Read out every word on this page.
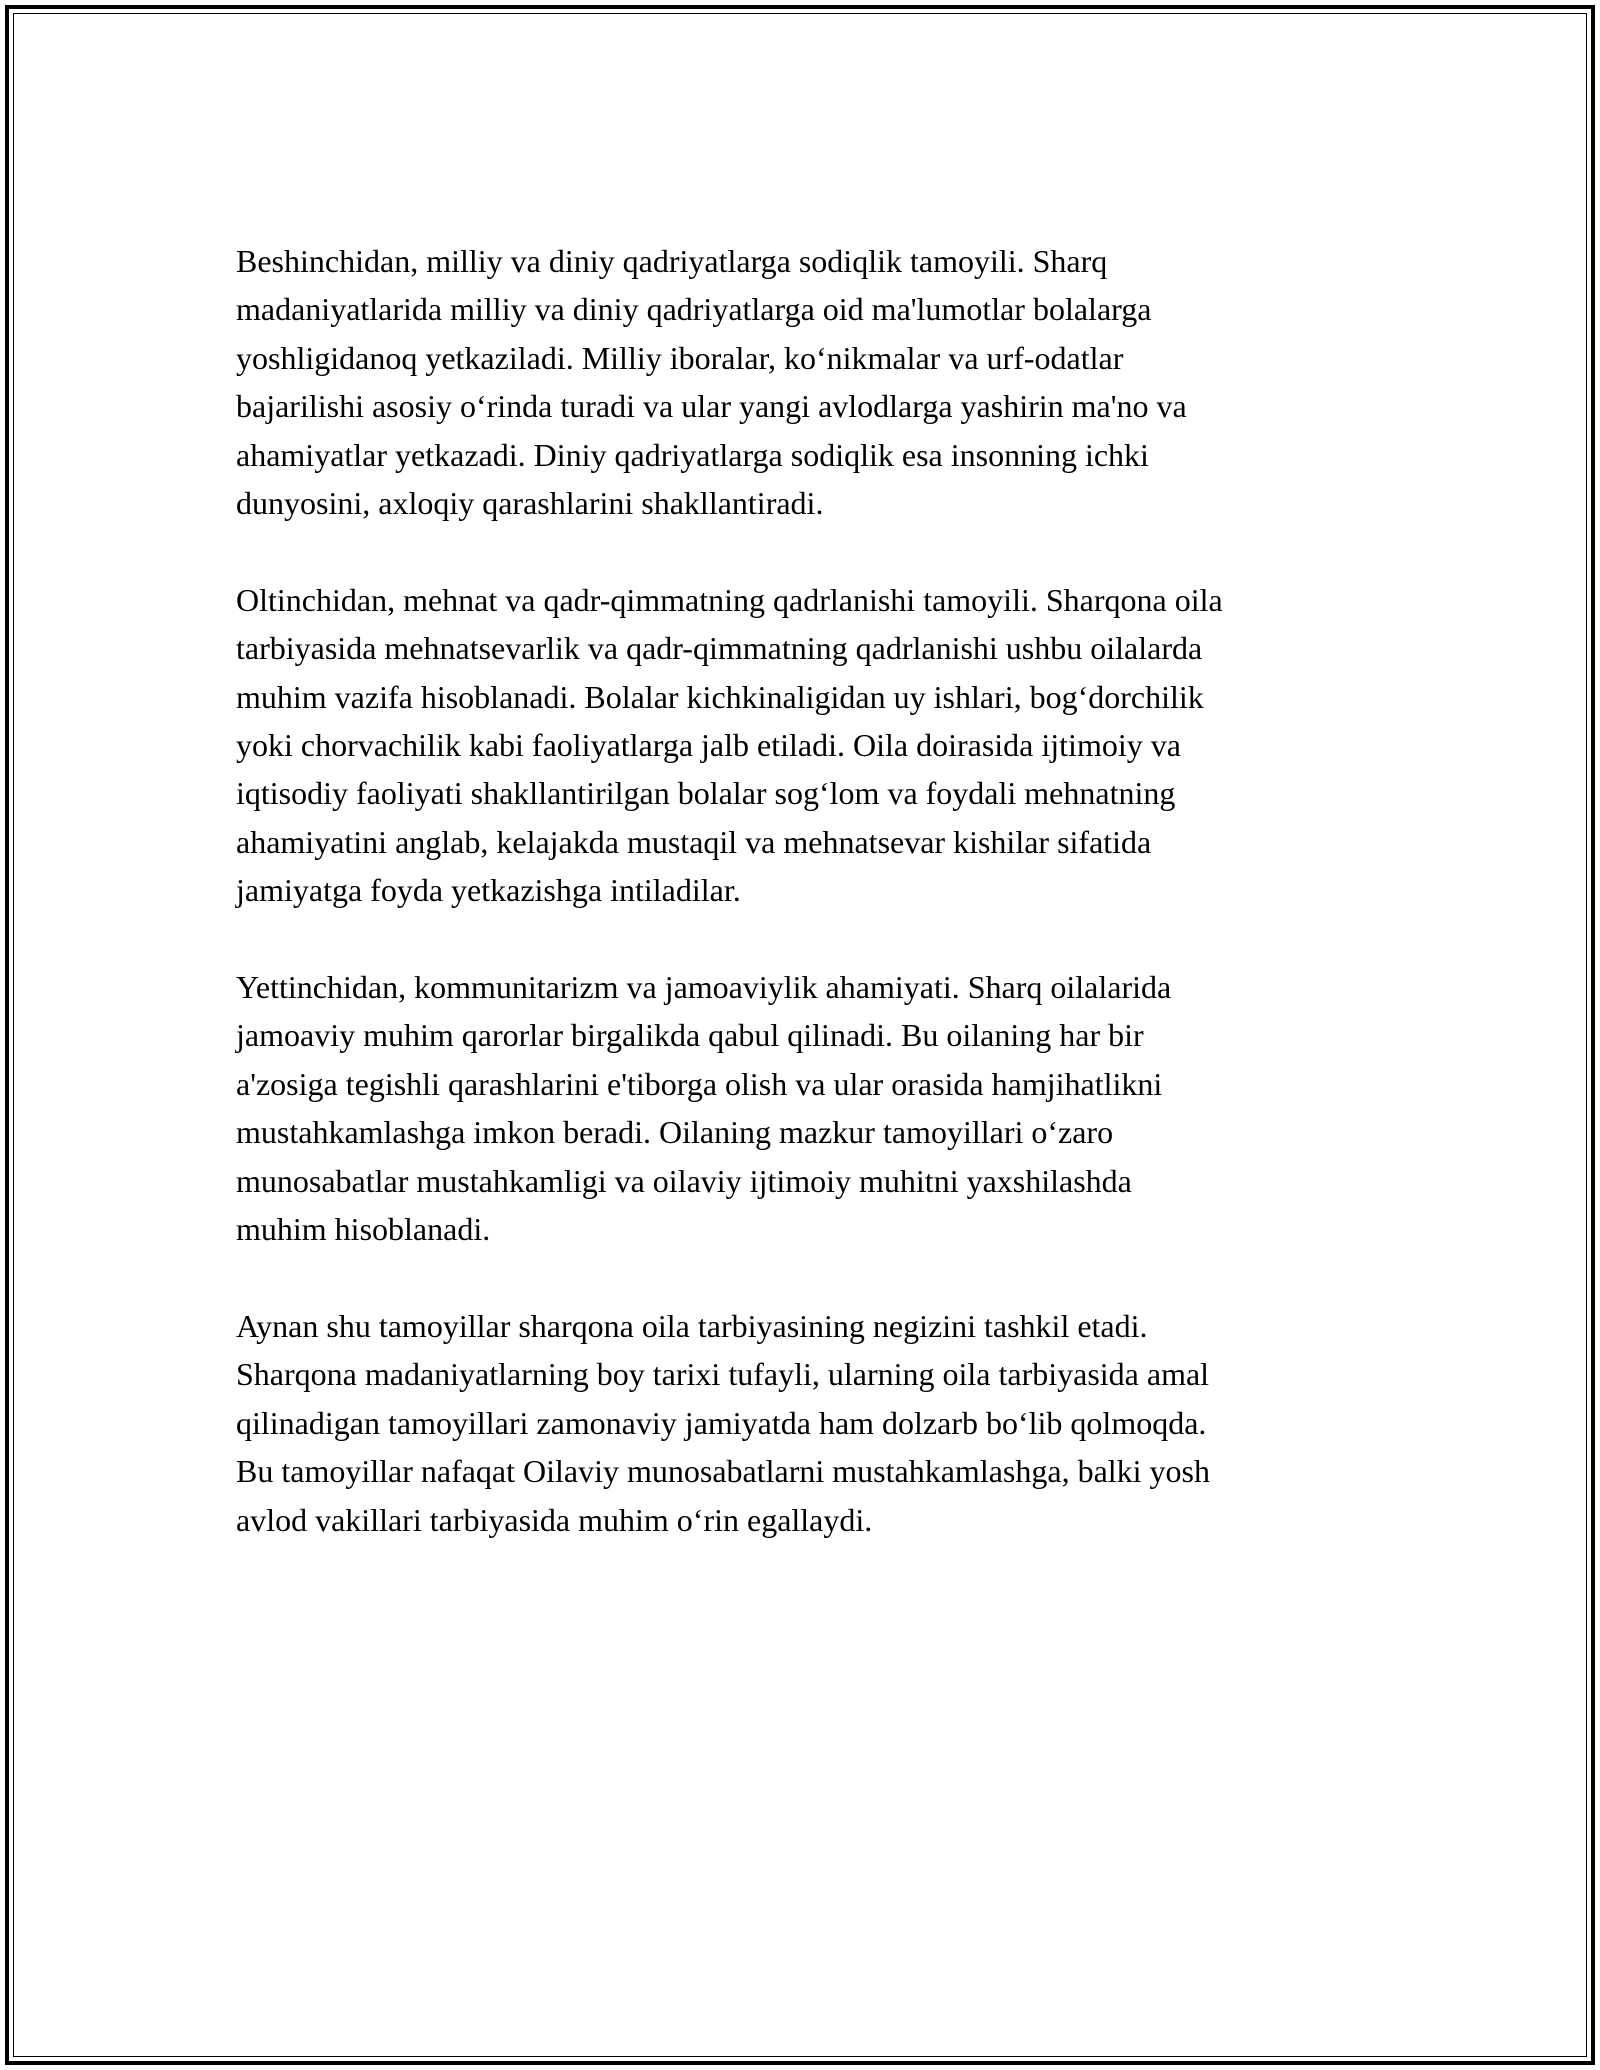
Beshinchidan, milliy va diniy qadriyatlarga sodiqlik tamoyili. Sharq
madaniyatlarida milliy va diniy qadriyatlarga oid ma'lumotlar bolalarga
yoshligidanoq yetkaziladi. Milliy iboralar, ko‘nikmalar va urf-odatlar
bajarilishi asosiy o‘rinda turadi va ular yangi avlodlarga yashirin ma'no va
ahamiyatlar yetkazadi. Diniy qadriyatlarga sodiqlik esa insonning ichki
dunyosini, axloqiy qarashlarini shakllantiradi.

Oltinchidan, mehnat va qadr-qimmatning qadrlanishi tamoyili. Sharqona oila
tarbiyasida mehnatsevarlik va qadr-qimmatning qadrlanishi ushbu oilalarda
muhim vazifa hisoblanadi. Bolalar kichkinaligidan uy ishlari, bog‘dorchilik
yoki chorvachilik kabi faoliyatlarga jalb etiladi. Oila doirasida ijtimoiy va
iqtisodiy faoliyati shakllantirilgan bolalar sog‘lom va foydali mehnatning
ahamiyatini anglab, kelajakda mustaqil va mehnatsevar kishilar sifatida
jamiyatga foyda yetkazishga intiladilar.

Yettinchidan, kommunitarizm va jamoaviylik ahamiyati. Sharq oilalarida
jamoaviy muhim qarorlar birgalikda qabul qilinadi. Bu oilaning har bir
a'zosiga tegishli qarashlarini e'tiborga olish va ular orasida hamjihatlikni
mustahkamlashga imkon beradi. Oilaning mazkur tamoyillari o‘zaro
munosabatlar mustahkamligi va oilaviy ijtimoiy muhitni yaxshilashda
muhim hisoblanadi.

Aynan shu tamoyillar sharqona oila tarbiyasining negizini tashkil etadi.
Sharqona madaniyatlarning boy tarixi tufayli, ularning oila tarbiyasida amal
qilinadigan tamoyillari zamonaviy jamiyatda ham dolzarb bo‘lib qolmoqda.
Bu tamoyillar nafaqat Oilaviy munosabatlarni mustahkamlashga, balki yosh
avlod vakillari tarbiyasida muhim o‘rin egallaydi.
